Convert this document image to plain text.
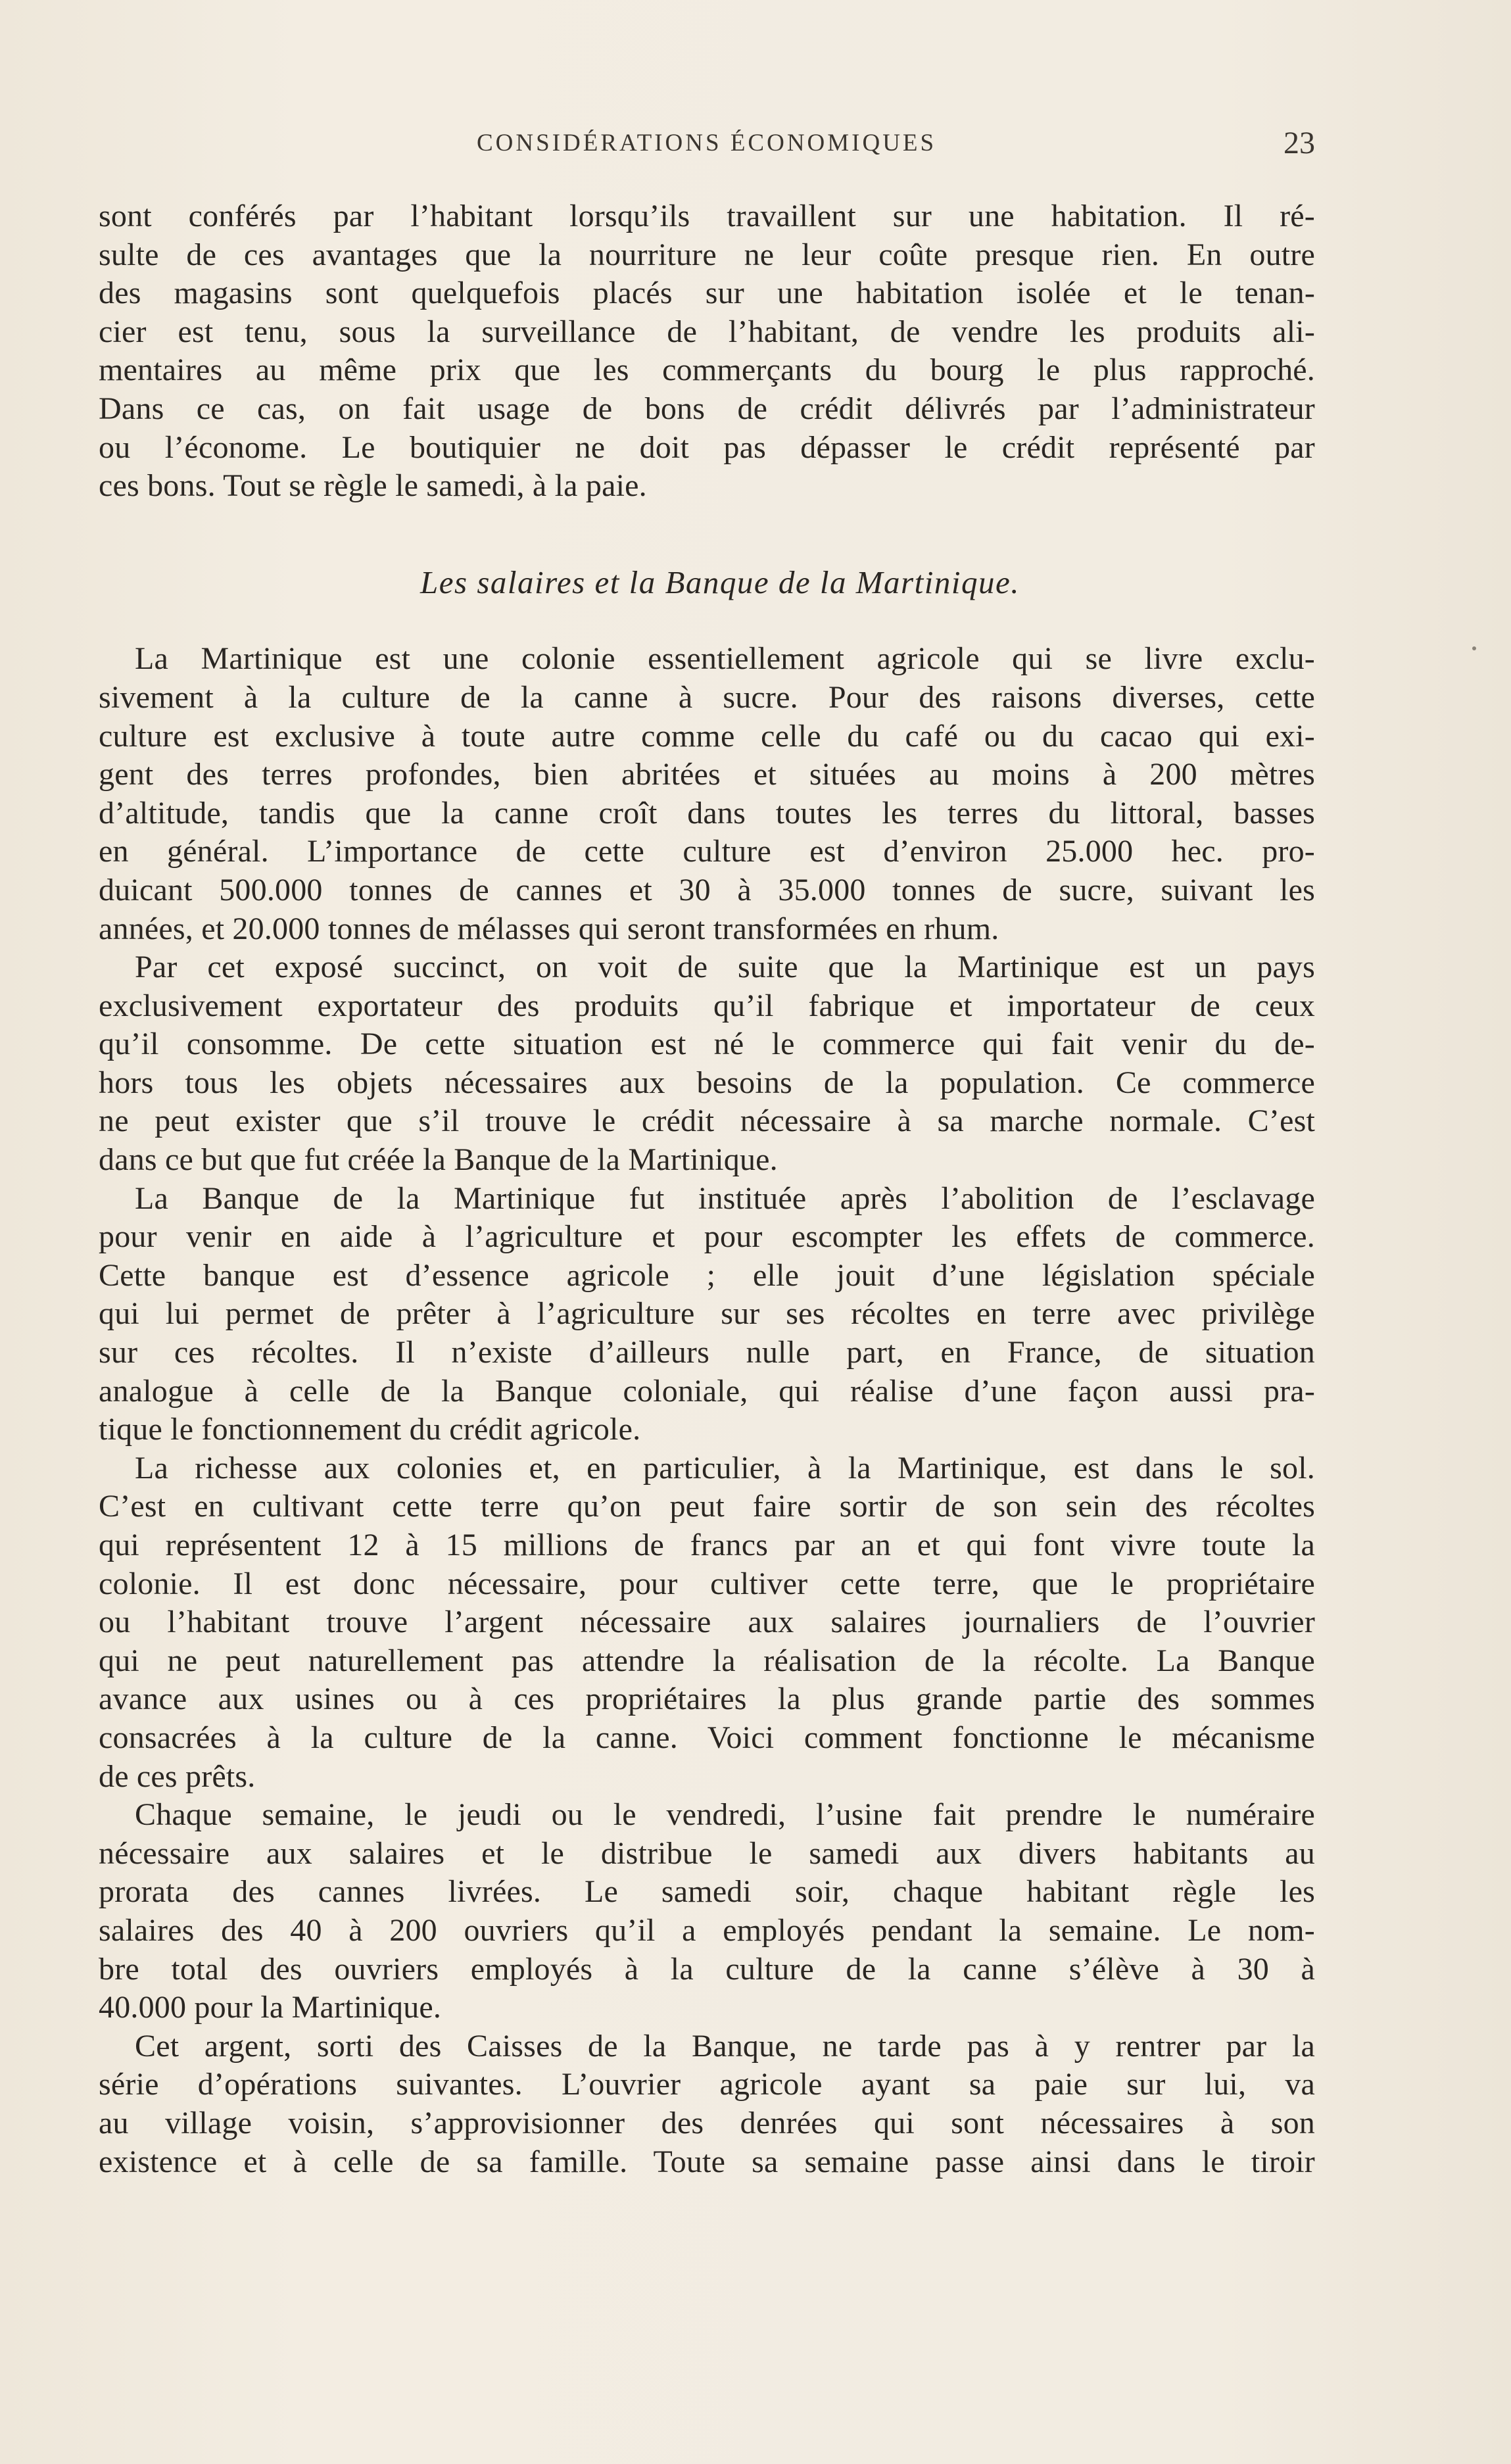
CONSIDÉRATIONS ÉCONOMIQUES	23

sont conférés par l’habitant lorsqu’ils travaillent sur une habitation. Il ré-
sulte de ces avantages que la nourriture ne leur coûte presque rien. En outre
des magasins sont quelquefois placés sur une habitation isolée et le tenan-
cier est tenu, sous la surveillance de l’habitant, de vendre les produits ali-
mentaires au même prix que les commerçants du bourg le plus rapproché.
Dans ce cas, on fait usage de bons de crédit délivrés par l’administrateur
ou l’économe. Le boutiquier ne doit pas dépasser le crédit représenté par
ces bons. Tout se règle le samedi, à la paie.

Les salaires et la Banque de la Martinique.

La Martinique est une colonie essentiellement agricole qui se livre exclu-
sivement à la culture de la canne à sucre. Pour des raisons diverses, cette
culture est exclusive à toute autre comme celle du café ou du cacao qui exi-
gent des terres profondes, bien abritées et situées au moins à 200 mètres
d’altitude, tandis que la canne croît dans toutes les terres du littoral, basses
en général. L’importance de cette culture est d’environ 25.000 hec. pro-
duicant 500.000 tonnes de cannes et 30 à 35.000 tonnes de sucre, suivant les
années, et 20.000 tonnes de mélasses qui seront transformées en rhum.

Par cet exposé succinct, on voit de suite que la Martinique est un pays
exclusivement exportateur des produits qu’il fabrique et importateur de ceux
qu’il consomme. De cette situation est né le commerce qui fait venir du de-
hors tous les objets nécessaires aux besoins de la population. Ce commerce
ne peut exister que s’il trouve le crédit nécessaire à sa marche normale. C’est
dans ce but que fut créée la Banque de la Martinique.

La Banque de la Martinique fut instituée après l’abolition de l’esclavage
pour venir en aide à l’agriculture et pour escompter les effets de commerce.
Cette banque est d’essence agricole ; elle jouit d’une législation spéciale
qui lui permet de prêter à l’agriculture sur ses récoltes en terre avec privilège
sur ces récoltes. Il n’existe d’ailleurs nulle part, en France, de situation
analogue à celle de la Banque coloniale, qui réalise d’une façon aussi pra-
tique le fonctionnement du crédit agricole.

La richesse aux colonies et, en particulier, à la Martinique, est dans le sol.
C’est en cultivant cette terre qu’on peut faire sortir de son sein des récoltes
qui représentent 12 à 15 millions de francs par an et qui font vivre toute la
colonie. Il est donc nécessaire, pour cultiver cette terre, que le propriétaire
ou l’habitant trouve l’argent nécessaire aux salaires journaliers de l’ouvrier
qui ne peut naturellement pas attendre la réalisation de la récolte. La Banque
avance aux usines ou à ces propriétaires la plus grande partie des sommes
consacrées à la culture de la canne. Voici comment fonctionne le mécanisme
de ces prêts.

Chaque semaine, le jeudi ou le vendredi, l’usine fait prendre le numéraire
nécessaire aux salaires et le distribue le samedi aux divers habitants au
prorata des cannes livrées. Le samedi soir, chaque habitant règle les
salaires des 40 à 200 ouvriers qu’il a employés pendant la semaine. Le nom-
bre total des ouvriers employés à la culture de la canne s’élève à 30 à
40.000 pour la Martinique.

Cet argent, sorti des Caisses de la Banque, ne tarde pas à y rentrer par la
série d’opérations suivantes. L’ouvrier agricole ayant sa paie sur lui, va
au village voisin, s’approvisionner des denrées qui sont nécessaires à son
existence et à celle de sa famille. Toute sa semaine passe ainsi dans le tiroir
